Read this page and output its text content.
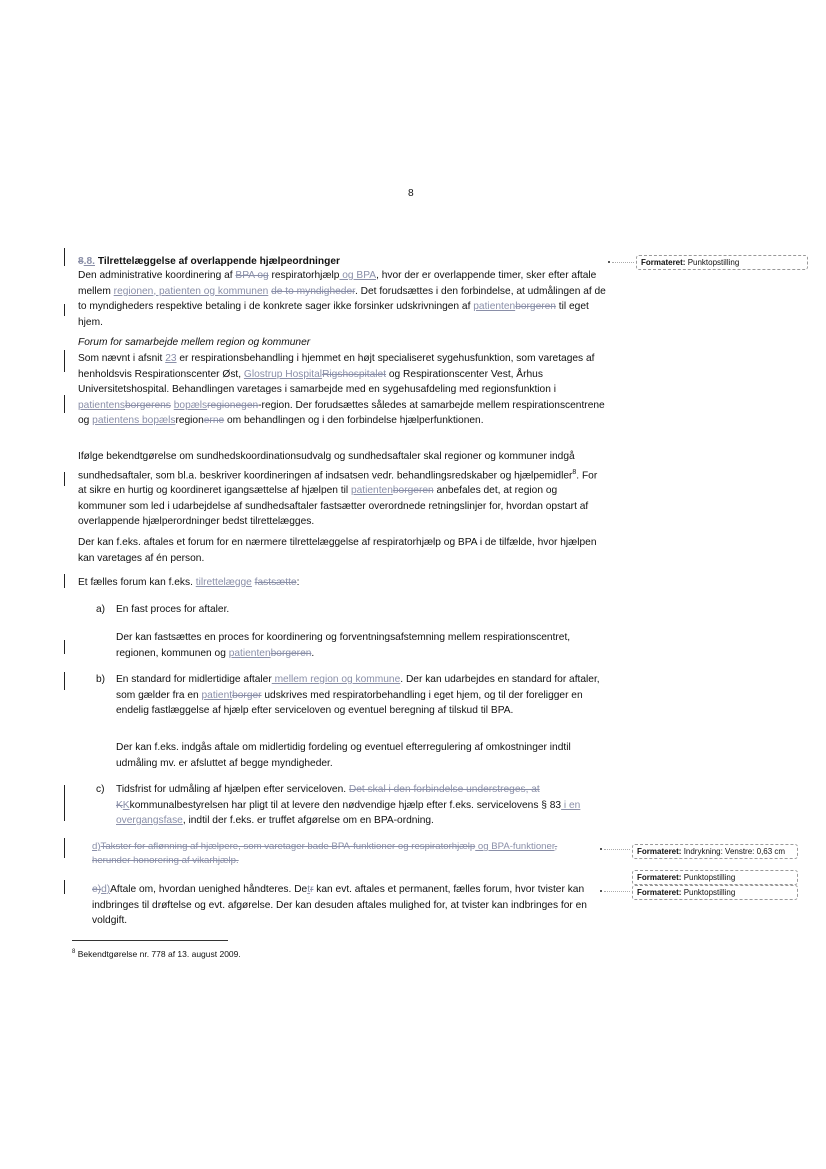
8
8.8. Tilrettelæggelse af overlappende hjælpeordninger
Den administrative koordinering af BPA og respiratorhjælp og BPA, hvor der er overlappende timer, sker efter aftale mellem regionen, patienten og kommunen de to myndigheder. Det forudsættes i den forbindelse, at udmålingen af de to myndigheders respektive betaling i de konkrete sager ikke forsinker udskrivningen af patientenborgeren til eget hjem.
Forum for samarbejde mellem region og kommuner
Som nævnt i afsnit 23 er respirationsbehandling i hjemmet en højt specialiseret sygehusfunktion, som varetages af henholdsvis Respirationscenter Øst, Glostrup HospitalRigshospitalet og Respirationscenter Vest, Århus Universitetshospital. Behandlingen varetages i samarbejde med en sygehusafdeling med regionsfunktion i patientensborgerens bopælsregionegen-region. Der forudsættes således at samarbejde mellem respirationscentrene og patientens bopælsregionerne om behandlingen og i den forbindelse hjælperfunktionen.
Ifølge bekendtgørelse om sundhedskoordinationsudvalg og sundhedsaftaler skal regioner og kommuner indgå sundhedsaftaler, som bl.a. beskriver koordineringen af indsatsen vedr. behandlingsredskaber og hjælpemidler$^8$. For at sikre en hurtig og koordineret igangsættelse af hjælpen til patientenborgeren anbefales det, at region og kommuner som led i udarbejdelse af sundhedsaftaler fastsætter overordnede retningslinjer for, hvordan opstart af overlappende hjælperordninger bedst tilrettelægges.
Der kan f.eks. aftales et forum for en nærmere tilrettelæggelse af respiratorhjælp og BPA i de tilfælde, hvor hjælpen kan varetages af én person.
Et fælles forum kan f.eks. tilrettelægge fastsætte:
a) En fast proces for aftaler.
Der kan fastsættes en proces for koordinering og forventningsafstemning mellem respirationscentret, regionen, kommunen og patientenborgeren.
b) En standard for midlertidige aftaler mellem region og kommune. Der kan udarbejdes en standard for aftaler, som gælder fra en patientborger udskrives med respiratorbehandling i eget hjem, og til der foreligger en endelig fastlæggelse af hjælp efter serviceloven og eventuel beregning af tilskud til BPA.
Der kan f.eks. indgås aftale om midlertidig fordeling og eventuel efterregulering af omkostninger indtil udmåling mv. er afsluttet af begge myndigheder.
c) Tidsfrist for udmåling af hjælpen efter serviceloven. Det skal i den forbindelse understreges, at KKkommunalbestyrelsen har pligt til at levere den nødvendige hjælp efter f.eks. servicelovens § 83 i en overgangsfase, indtil der f.eks. er truffet afgørelse om en BPA-ordning.
d)Takster for aflønning af hjælpere, som varetager bade BPA-funktioner og respiratorhjælp og BPA-funktioner, herunder honorering af vikarhjælp.
e)d)Aftale om, hvordan uenighed håndteres. Detr kan evt. aftales et permanent, fælles forum, hvor tvister kan indbringes til drøftelse og evt. afgørelse. Der kan desuden aftales mulighed for, at tvister kan indbringes for en voldgift.
$^8$ Bekendtgørelse nr. 778 af 13. august 2009.
Formateret: Punktopstilling
Formateret: Indrykning: Venstre: 0,63 cm
Formateret: Punktopstilling
Formateret: Punktopstilling
